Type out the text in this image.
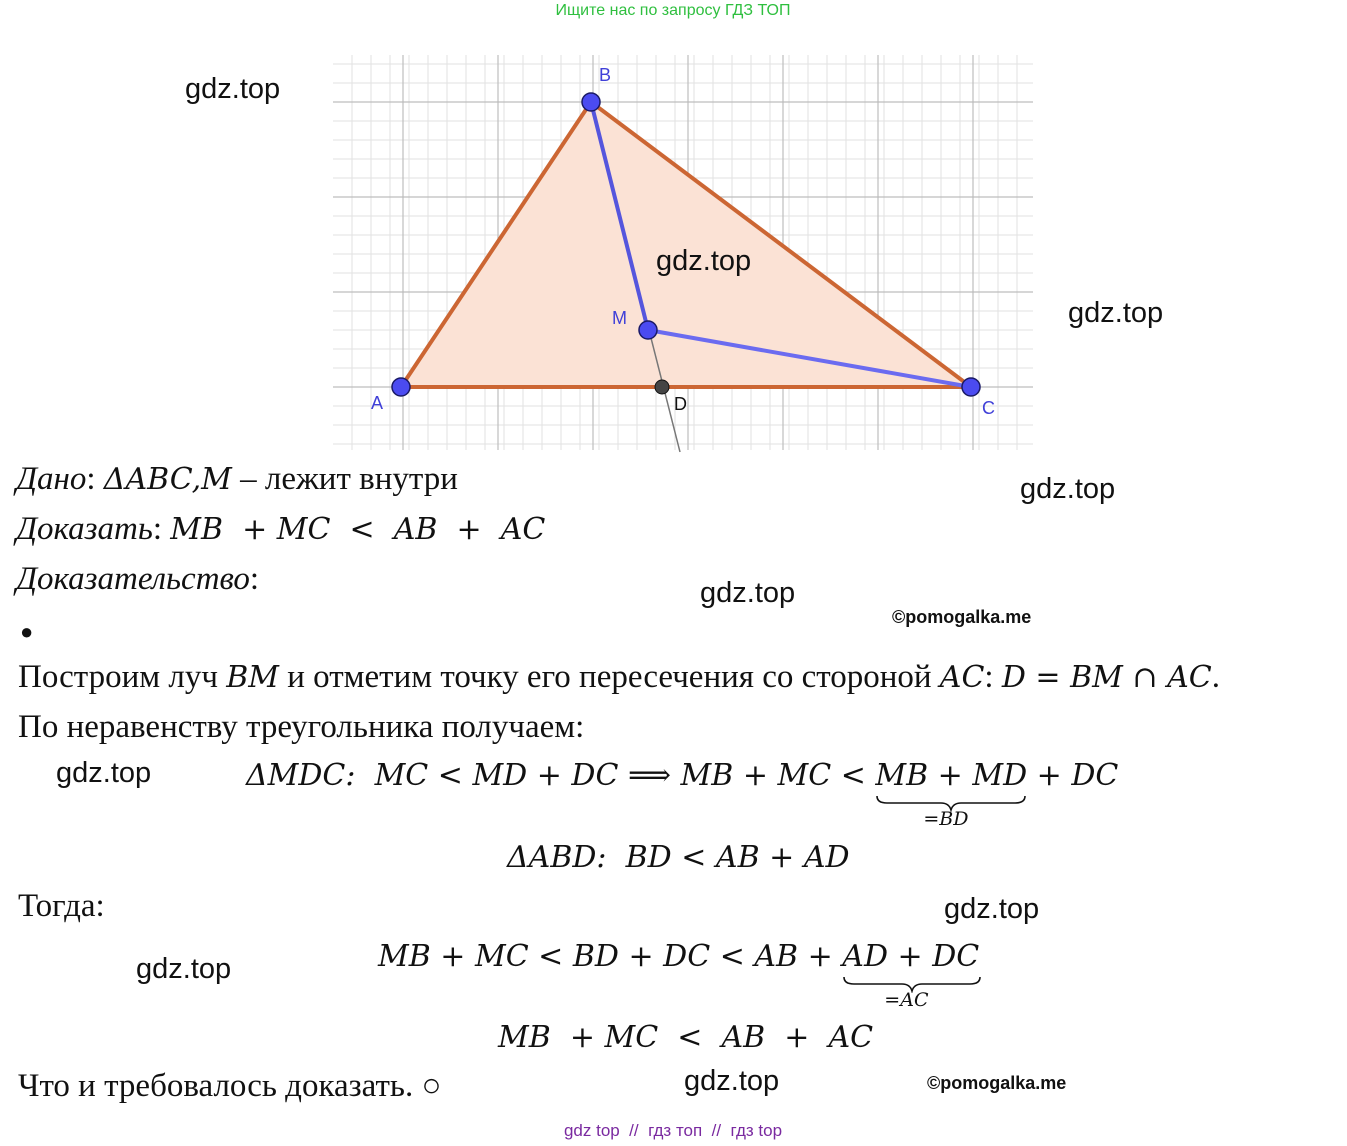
Ищите нас по запросу ГДЗ ТОП
A
B
C
M
D
gdz.top
gdz.top
gdz.top
gdz.top
gdz.top
gdz.top
gdz.top
gdz.top
gdz.top
©pomogalka.me
©pomogalka.me
Дано: ΔABC,M – лежит внутри
Доказать: MB  + MC  <  AB  +  AC
Доказательство:
●
Построим луч BM и отметим точку его пересечения со стороной AC: D = BM ∩ AC.
По неравенству треугольника получаем:
ΔMDC:  MC < MD + DC ⟹ MB + MC < MB + MD
=BD
+ DC
ΔABD:  BD < AB + AD
Тогда:
MB + MC < BD + DC < AB + AD + DC
=AC
MB  + MC  <  AB  +  AC
Что и требовалось доказать. ○
gdz top  //  гдз топ  //  гдз top
